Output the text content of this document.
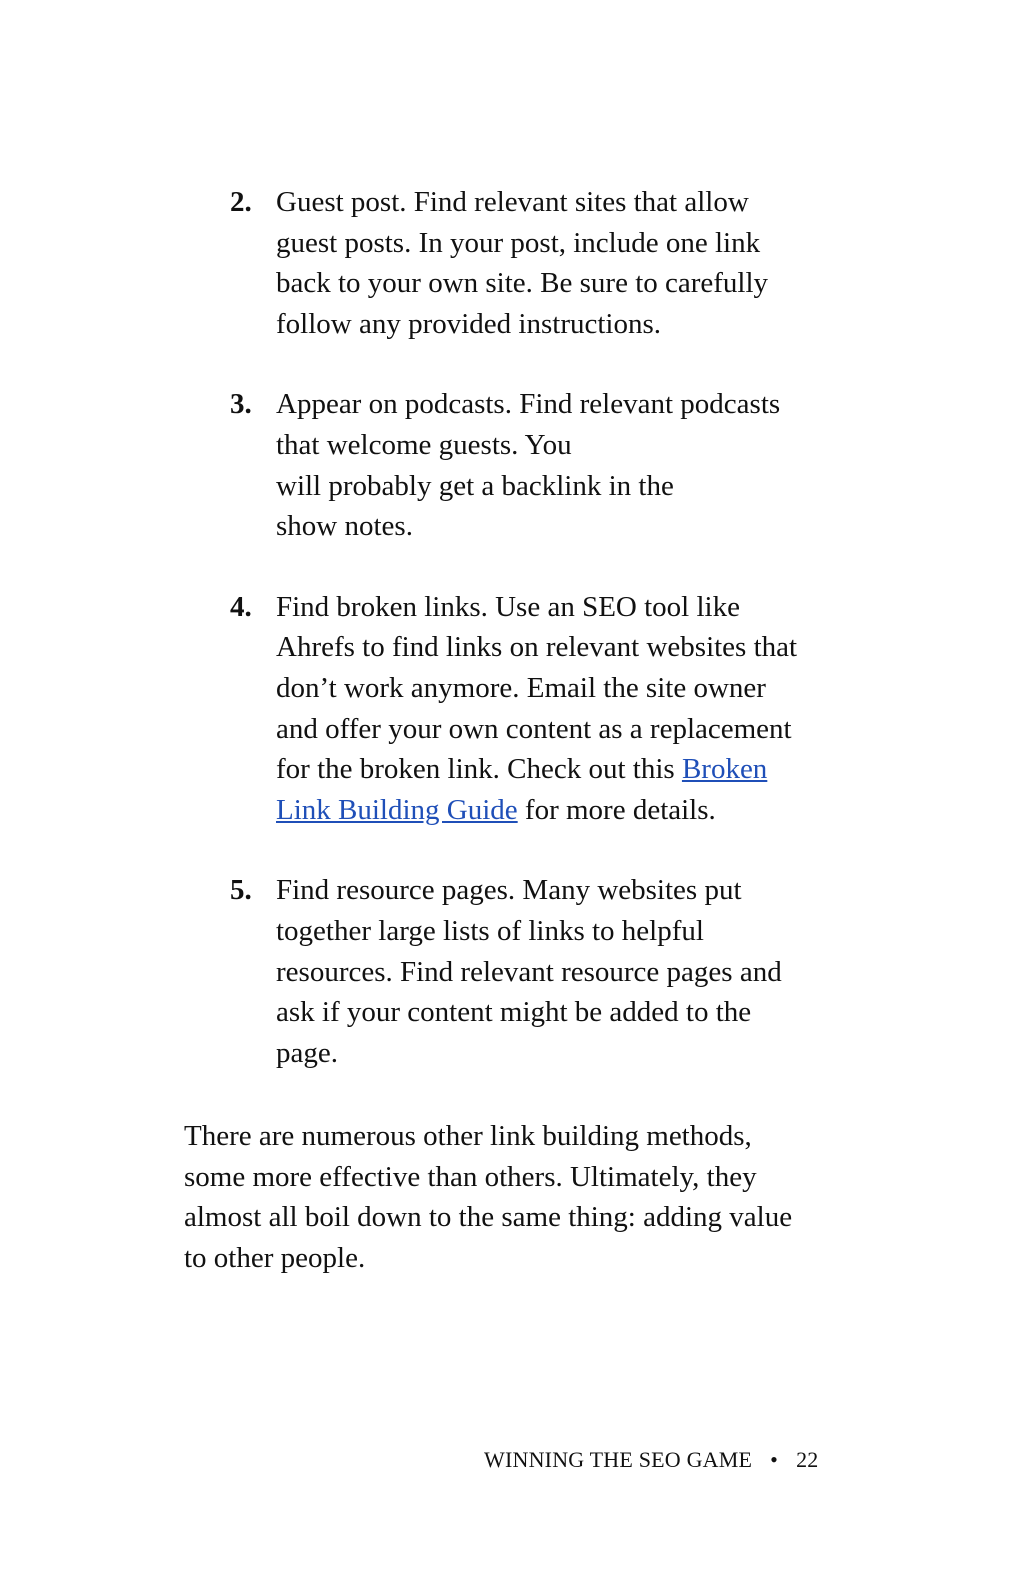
2. Guest post. Find relevant sites that allow
guest posts. In your post, include one link
back to your own site. Be sure to carefully
follow any provided instructions.
3. Appear on podcasts. Find relevant podcasts
that welcome guests. You
will probably get a backlink in the
show notes.
4. Find broken links. Use an SEO tool like
Ahrefs to find links on relevant websites that
don’t work anymore. Email the site owner
and offer your own content as a replacement
for the broken link. Check out this Broken
Link Building Guide for more details.
5. Find resource pages. Many websites put
together large lists of links to helpful
resources. Find relevant resource pages and
ask if your content might be added to the
page.

There are numerous other link building methods,
some more effective than others. Ultimately, they
almost all boil down to the same thing: adding value
to other people.

WINNING THE SEO GAME • 22
